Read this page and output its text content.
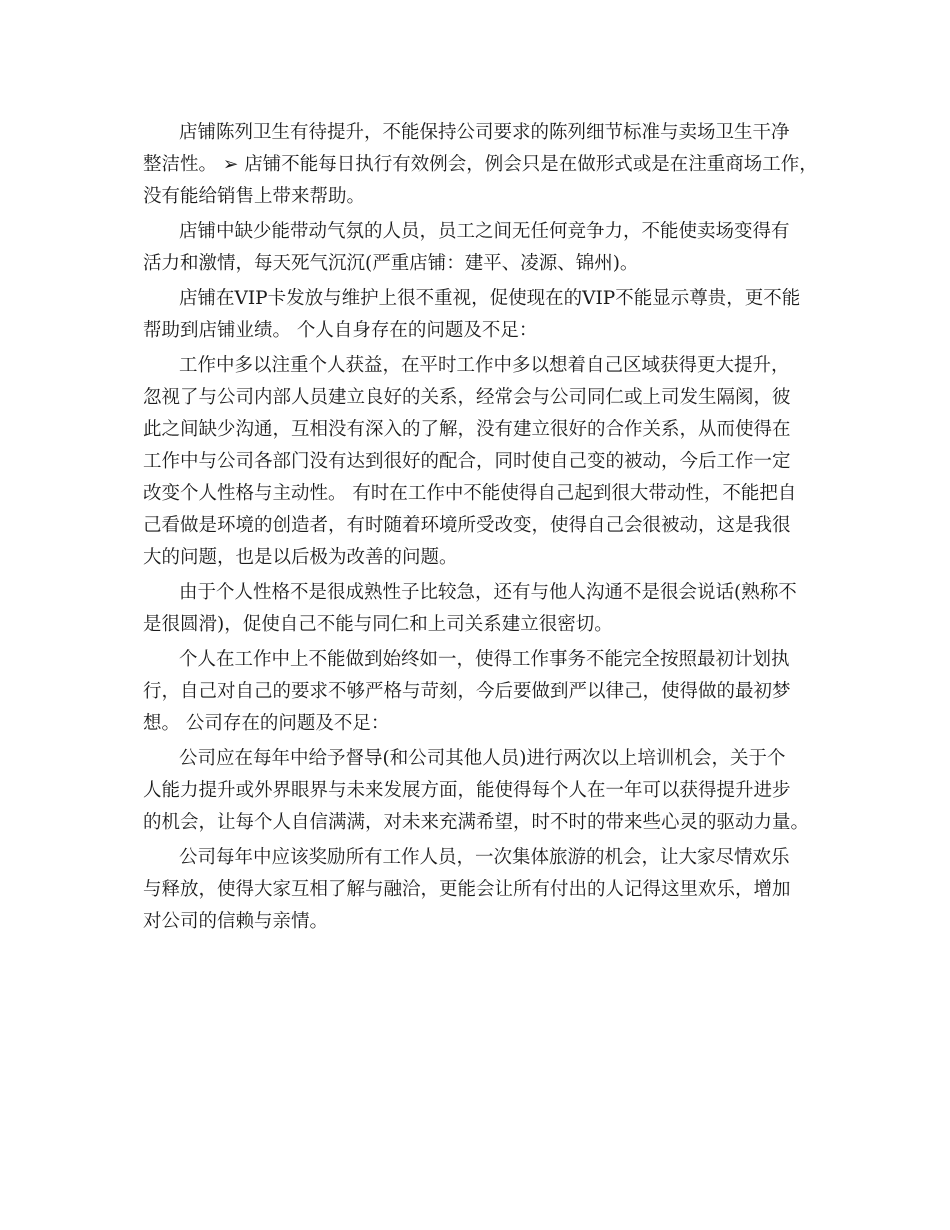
店铺陈列卫生有待提升，不能保持公司要求的陈列细节标准与卖场卫生干净
整洁性。 ➢ 店铺不能每日执行有效例会，例会只是在做形式或是在注重商场工作，
没有能给销售上带来帮助。
店铺中缺少能带动气氛的人员，员工之间无任何竞争力，不能使卖场变得有
活力和激情，每天死气沉沉(严重店铺：建平、凌源、锦州)。
店铺在VIP卡发放与维护上很不重视，促使现在的VIP不能显示尊贵，更不能
帮助到店铺业绩。 个人自身存在的问题及不足：
工作中多以注重个人获益，在平时工作中多以想着自己区域获得更大提升，
忽视了与公司内部人员建立良好的关系，经常会与公司同仁或上司发生隔阂，彼
此之间缺少沟通，互相没有深入的了解，没有建立很好的合作关系，从而使得在
工作中与公司各部门没有达到很好的配合，同时使自己变的被动，今后工作一定
改变个人性格与主动性。 有时在工作中不能使得自己起到很大带动性，不能把自
己看做是环境的创造者，有时随着环境所受改变，使得自己会很被动，这是我很
大的问题，也是以后极为改善的问题。
由于个人性格不是很成熟性子比较急，还有与他人沟通不是很会说话(熟称不
是很圆滑)，促使自己不能与同仁和上司关系建立很密切。
个人在工作中上不能做到始终如一，使得工作事务不能完全按照最初计划执
行，自己对自己的要求不够严格与苛刻，今后要做到严以律己，使得做的最初梦
想。 公司存在的问题及不足：
公司应在每年中给予督导(和公司其他人员)进行两次以上培训机会，关于个
人能力提升或外界眼界与未来发展方面，能使得每个人在一年可以获得提升进步
的机会，让每个人自信满满，对未来充满希望，时不时的带来些心灵的驱动力量。
公司每年中应该奖励所有工作人员，一次集体旅游的机会，让大家尽情欢乐
与释放，使得大家互相了解与融洽，更能会让所有付出的人记得这里欢乐，增加
对公司的信赖与亲情。
